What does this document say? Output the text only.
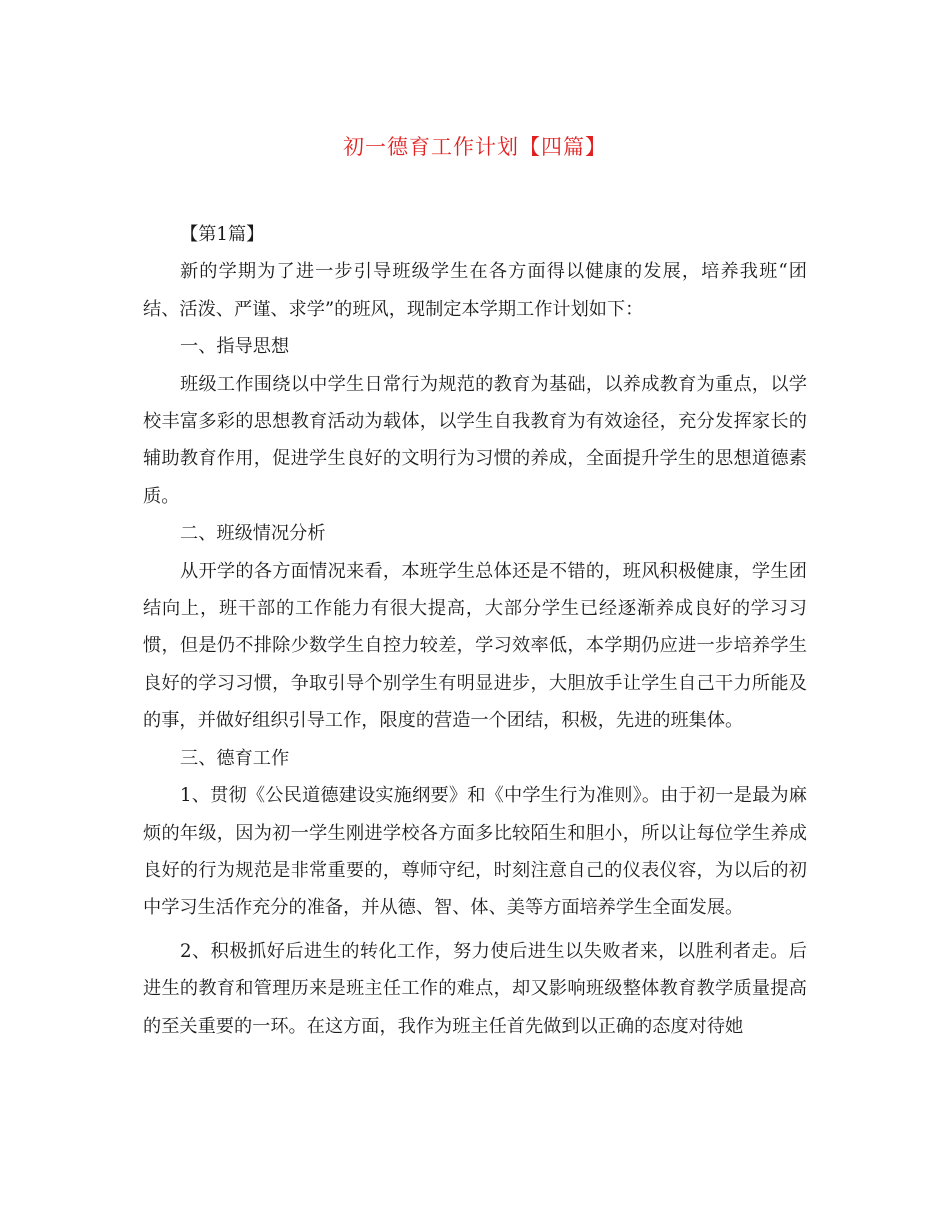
初一德育工作计划【四篇】

【第1篇】

新的学期为了进一步引导班级学生在各方面得以健康的发展，培养我班“团结、活泼、严谨、求学”的班风，现制定本学期工作计划如下：

一、指导思想

班级工作围绕以中学生日常行为规范的教育为基础，以养成教育为重点，以学校丰富多彩的思想教育活动为载体，以学生自我教育为有效途径，充分发挥家长的辅助教育作用，促进学生良好的文明行为习惯的养成，全面提升学生的思想道德素质。

二、班级情况分析

从开学的各方面情况来看，本班学生总体还是不错的，班风积极健康，学生团结向上，班干部的工作能力有很大提高，大部分学生已经逐渐养成良好的学习习惯，但是仍不排除少数学生自控力较差，学习效率低，本学期仍应进一步培养学生良好的学习习惯，争取引导个别学生有明显进步，大胆放手让学生自己干力所能及的事，并做好组织引导工作，限度的营造一个团结，积极，先进的班集体。

三、德育工作

1、贯彻《公民道德建设实施纲要》和《中学生行为准则》。由于初一是最为麻烦的年级，因为初一学生刚进学校各方面多比较陌生和胆小，所以让每位学生养成良好的行为规范是非常重要的，尊师守纪，时刻注意自己的仪表仪容，为以后的初中学习生活作充分的准备，并从德、智、体、美等方面培养学生全面发展。

2、积极抓好后进生的转化工作，努力使后进生以失败者来，以胜利者走。后进生的教育和管理历来是班主任工作的难点，却又影响班级整体教育教学质量提高的至关重要的一环。在这方面，我作为班主任首先做到以正确的态度对待她
